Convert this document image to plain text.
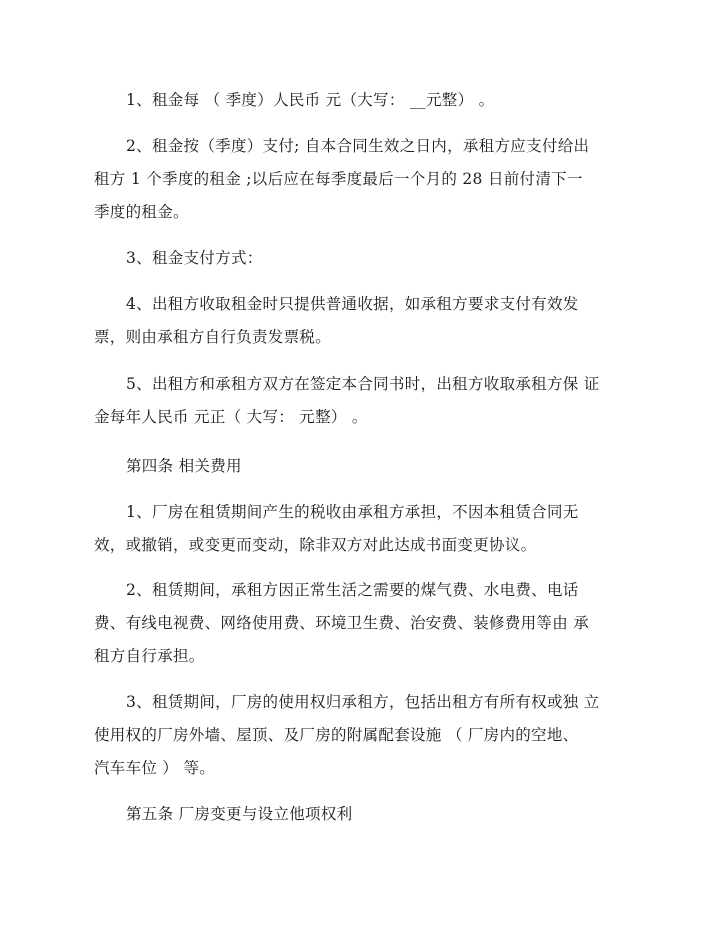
1、租金每 （ 季度）人民币 元（大写： __元整） 。

2、租金按（季度）支付; 自本合同生效之日内，承租方应支付给出
租方 1 个季度的租金 ;以后应在每季度最后一个月的 28 日前付清下一
季度的租金。

3、租金支付方式：

4、出租方收取租金时只提供普通收据，如承租方要求支付有效发
票，则由承租方自行负责发票税。

5、出租方和承租方双方在签定本合同书时，出租方收取承租方保 证
金每年人民币 元正（ 大写： 元整） 。

第四条 相关费用

1、厂房在租赁期间产生的税收由承租方承担，不因本租赁合同无
效，或撤销，或变更而变动，除非双方对此达成书面变更协议。

2、租赁期间，承租方因正常生活之需要的煤气费、水电费、电话
费、有线电视费、网络使用费、环境卫生费、治安费、装修费用等由 承
租方自行承担。

3、租赁期间，厂房的使用权归承租方，包括出租方有所有权或独 立
使用权的厂房外墙、屋顶、及厂房的附属配套设施 （ 厂房内的空地、
汽车车位 ） 等。

第五条 厂房变更与设立他项权利
